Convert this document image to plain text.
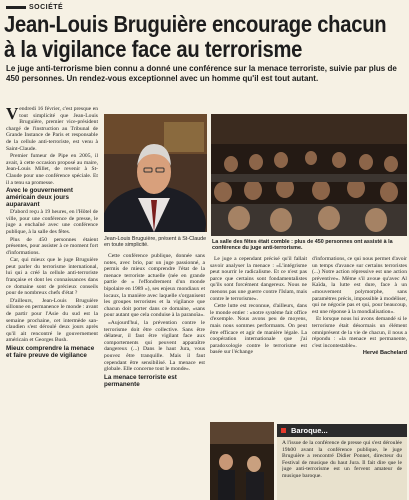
SOCIÉTÉ
Jean-Louis Bruguière encourage chacun
à la vigilance face au terrorisme
Le juge anti-terrorisme bien connu a donné une conférence sur la menace terroriste, suivie par plus de 450 personnes. Un rendez-vous exceptionnel avec un homme qu'il est tout autant.
V endredi 16 février, c'est presque en tout simplicité que Jean-Louis Bruguière, premier vice-président chargé de l'instruction au Tribunal de Grande Instance de Paris et responsable de la cellule anti-terroriste, est venu à Saint-Claude.

Premier fumeur de Pipe en 2005, il avait, à cette occasion proposé au maire, Jean-Louis Millet, de revenir à St-Claude pour une conférence spéciale. Et il a tenu sa promesse.

Avec le gouvernement américain deux jours auparavant

D'abord reçu à 19 heures, en l'Hôtel de ville, pour une conférence de presse, le juge a enchaîné avec une conférence publique, à la salle des fêtes.

Plus de 450 personnes étaient présentes, pour assister à ce moment fort d'informations.

Car, qui mieux que le juge Bruguière peut parler du terrorisme international, lui qui a créé la cellule anti-terroriste française et dont les connaissances dans ce domaine sont de précieux conseils pour de nombreux chefs d'état ?

D'ailleurs, Jean-Louis Bruguière sillonne en permanence le monde : avant de partir pour l'Asie du sud est la semaine prochaine, cet intermède san-claudien s'est déroulé deux jours après qu'il ait rencontré le gouvernement américain et Georges Bush.

Mieux comprendre la menace et faire preuve de vigilance
Jean-Louis Bruguière, présent à St-Claude en toute simplicité.
La salle des fêtes était comble : plus de 450 personnes ont assisté à la conférence du juge anti-terrorisme.

Cette conférence publique, donnée sans notes, avec brio, par un juge passionné, a permis de mieux comprendre l'état de la menace terroriste actuelle (née en grande partie de « l'effondrement d'un monde bipolaire en 1989 »), ses enjeux mondiaux et locaux, la manière avec laquelle s'organisent les groupes terroristes et la vigilance que chacun doit porter dans ce domaine, «sans pour autant que cela conduise à la paranoïa».

«Aujourd'hui, la prévention contre le terrorisme doit être collective. Sans être délateur, il faut être vigilant face aux comportements qui peuvent apparaître dangereux (...) Dans le haut Jura, vous pouvez être tranquille. Mais il faut cependant être sensibilisé. La menace est globale. Elle concerne tout le monde».

La menace terroriste est permanente

Le juge a cependant précisé qu'il fallait savoir analyser la menace : «L'intégrisme peut nourrir le radicalisme. Et ce n'est pas parce que certains sont fondamentalistes qu'ils sont forcément dangereux. Nous ne menons pas une guerre contre l'Islam, mais contre le terrorisme».

Cette lutte est reconnue, d'ailleurs, dans le monde entier : «notre système fait office d'exemple. Nous avons peu de moyens, mais nous sommes performants. On peut être efficace et agir de manière légale. La coopération internationale que j'ai paradoxologie contre le terrorisme est basée sur l'échange

d'informations, ce qui nous permet d'avoir un temps d'avance sur certains terroristes (...) Notre action répressive est une action préventive». Même s'il avoue qu'avec Al Kaïda, la lutte est dure, face à un «mouvement polymorphe, sans paramètres précis, impossible à modéliser, qui ne négocie pas et qui, pour beaucoup, est une réponse à la mondialisation».

Et lorsque nous lui avons demandé si le terrorisme était désormais un élément omniprésent de la vie de chacun, il nous a répondu : «la menace est permanente, c'est incontestable».

Hervé Bachelard
Baroque...
A l'issue de la conférence de presse qui s'est déroulée 19h00 avant la conférence publique, le juge Bruguière a rencontré Didier Ponnet, directeur du Festival de musique du haut Jura. Il fait dire que le juge anti-terrorisme est un fervent amateur de musique baroque.
